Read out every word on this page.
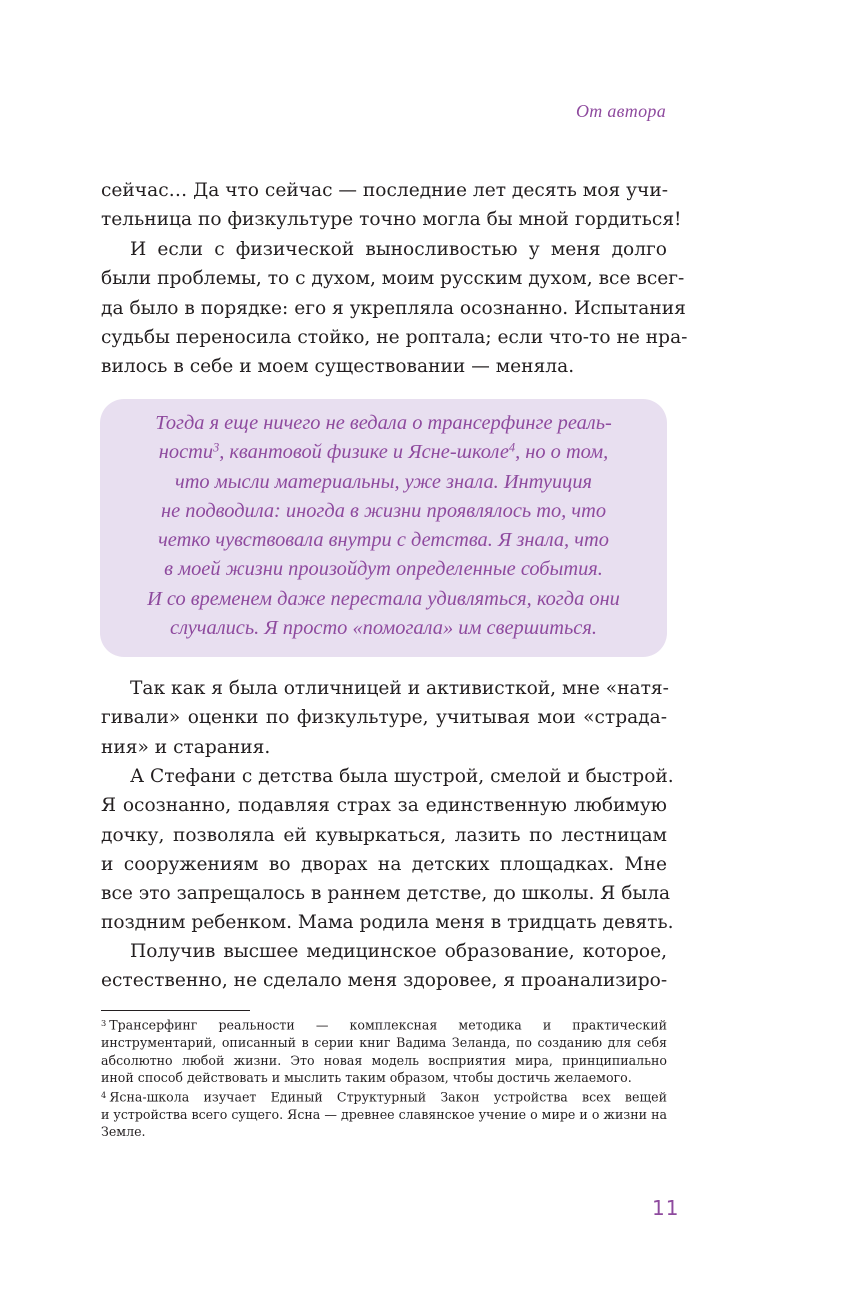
От автора

сейчас… Да что сейчас — последние лет десять моя учи-
тельница по физкультуре точно могла бы мной гордиться!

И если с физической выносливостью у меня долго
были проблемы, то с духом, моим русским духом, все всег-
да было в порядке: его я укрепляла осознанно. Испытания
судьбы переносила стойко, не роптала; если что-то не нра-
вилось в себе и моем существовании — меняла.

Тогда я еще ничего не ведала о трансерфинге реаль-
ности$^3$, квантовой физике и Ясне-школе$^4$, но о том,
что мысли материальны, уже знала. Интуиция
не подводила: иногда в жизни проявлялось то, что
четко чувствовала внутри с детства. Я знала, что
в моей жизни произойдут определенные события.
И со временем даже перестала удивляться, когда они
случались. Я просто «помогала» им свершиться.

Так как я была отличницей и активисткой, мне «натя-
гивали» оценки по физкультуре, учитывая мои «страда-
ния» и старания.

А Стефани с детства была шустрой, смелой и быстрой.
Я осознанно, подавляя страх за единственную любимую
дочку, позволяла ей кувыркаться, лазить по лестницам
и сооружениям во дворах на детских площадках. Мне
все это запрещалось в раннем детстве, до школы. Я была
поздним ребенком. Мама родила меня в тридцать девять.

Получив высшее медицинское образование, которое,
естественно, не сделало меня здоровее, я проанализиро-

$^3$ Трансерфинг реальности — комплексная методика и практический
инструментарий, описанный в серии книг Вадима Зеланда, по созданию для себя
абсолютно любой жизни. Это новая модель восприятия мира, принципиально
иной способ действовать и мыслить таким образом, чтобы достичь желаемого.
$^4$ Ясна-школа изучает Единый Структурный Закон устройства всех вещей
и устройства всего сущего. Ясна — древнее славянское учение о мире и о жизни на
Земле.
11
